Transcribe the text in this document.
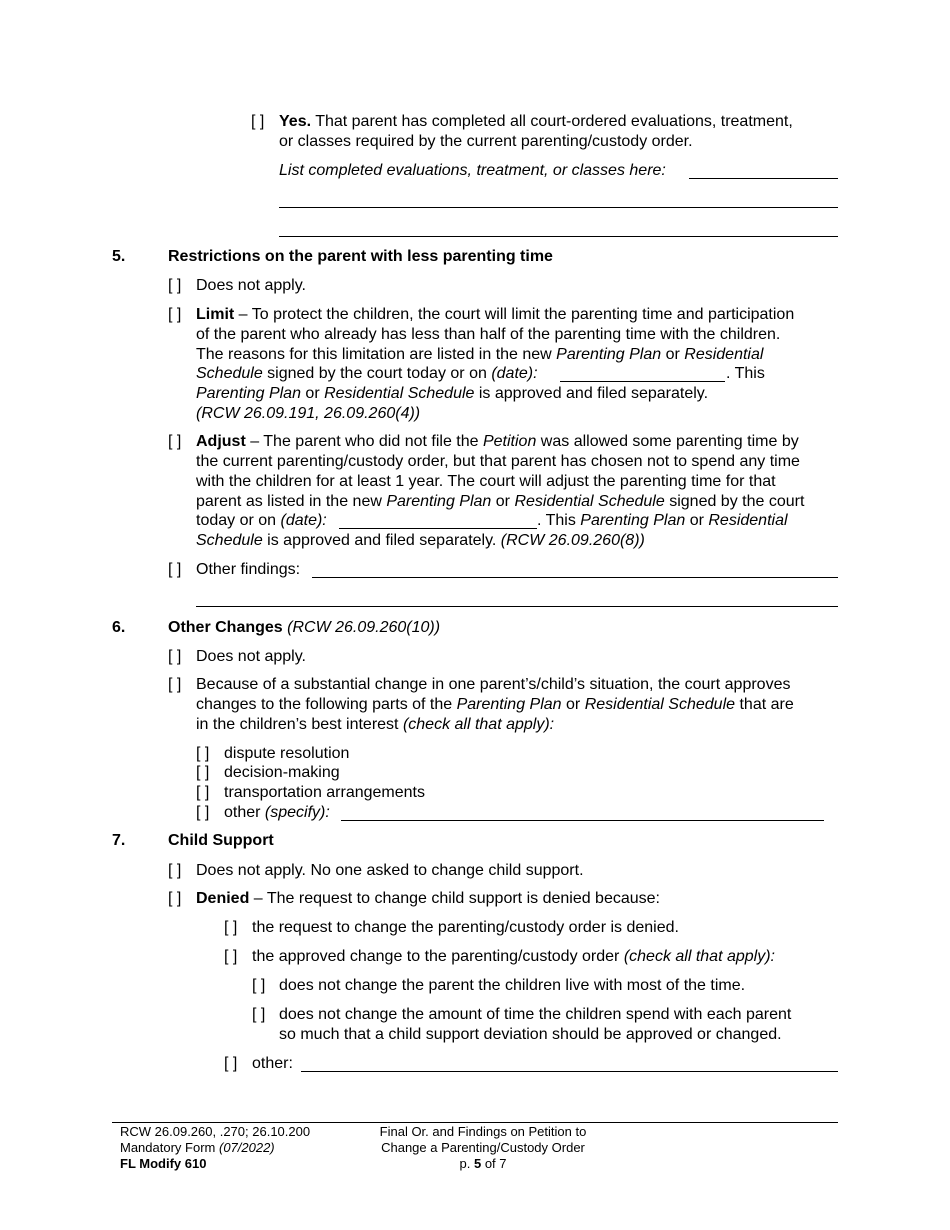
[ ] Yes. That parent has completed all court-ordered evaluations, treatment,
or classes required by the current parenting/custody order.
List completed evaluations, treatment, or classes here:
5.	Restrictions on the parent with less parenting time
[ ] Does not apply.
[ ] Limit – To protect the children, the court will limit the parenting time and participation
of the parent who already has less than half of the parenting time with the children.
The reasons for this limitation are listed in the new Parenting Plan or Residential
Schedule signed by the court today or on (date):	. This
Parenting Plan or Residential Schedule is approved and filed separately.
(RCW 26.09.191, 26.09.260(4))
[ ] Adjust – The parent who did not file the Petition was allowed some parenting time by
the current parenting/custody order, but that parent has chosen not to spend any time
with the children for at least 1 year. The court will adjust the parenting time for that
parent as listed in the new Parenting Plan or Residential Schedule signed by the court
today or on (date):	. This Parenting Plan or Residential
Schedule is approved and filed separately. (RCW 26.09.260(8))
[ ] Other findings:
6.	Other Changes (RCW 26.09.260(10))
[ ] Does not apply.
[ ] Because of a substantial change in one parent’s/child’s situation, the court approves
changes to the following parts of the Parenting Plan or Residential Schedule that are
in the children’s best interest (check all that apply):
[ ] dispute resolution
[ ] decision-making
[ ] transportation arrangements
[ ] other (specify):
7.	Child Support
[ ] Does not apply. No one asked to change child support.
[ ] Denied – The request to change child support is denied because:
[ ] the request to change the parenting/custody order is denied.
[ ] the approved change to the parenting/custody order (check all that apply):
[ ] does not change the parent the children live with most of the time.
[ ] does not change the amount of time the children spend with each parent
so much that a child support deviation should be approved or changed.
[ ] other:
RCW 26.09.260, .270; 26.10.200
Mandatory Form (07/2022)
FL Modify 610
Final Or. and Findings on Petition to
Change a Parenting/Custody Order
p. 5 of 7
